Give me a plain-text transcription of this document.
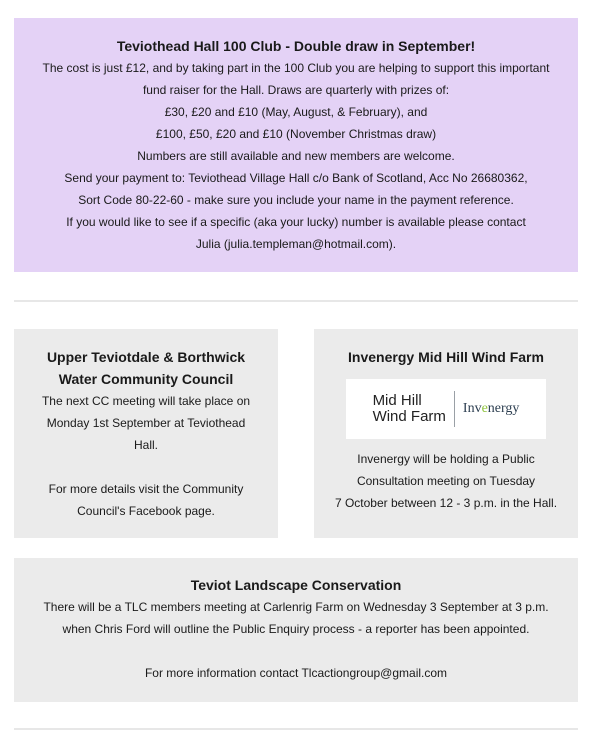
Teviothead Hall 100 Club - Double draw in September!
The cost is just £12, and by taking part in the 100 Club you are helping to support this important
fund raiser for the Hall. Draws are quarterly with prizes of:
£30, £20 and £10 (May, August, & February), and
£100, £50, £20 and £10 (November Christmas draw)
Numbers are still available and new members are welcome.
Send your payment to: Teviothead Village Hall c/o Bank of Scotland, Acc No 26680362,
Sort Code 80-22-60 - make sure you include your name in the payment reference.
If you would like to see if a specific (aka your lucky) number is available please contact
Julia (julia.templeman@hotmail.com).
Upper Teviotdale & Borthwick
Water Community Council
The next CC meeting will take place on
Monday 1st September at Teviothead
Hall.
For more details visit the Community
Council's Facebook page.
Invenergy Mid Hill Wind Farm
Mid Hill
Wind Farm	Invenergy
Invenergy will be holding a Public
Consultation meeting on Tuesday
7 October between 12 - 3 p.m. in the Hall.
Teviot Landscape Conservation
There will be a TLC members meeting at Carlenrig Farm on Wednesday 3 September at 3 p.m.
when Chris Ford will outline the Public Enquiry process - a reporter has been appointed.
For more information contact Tlcactiongroup@gmail.com
